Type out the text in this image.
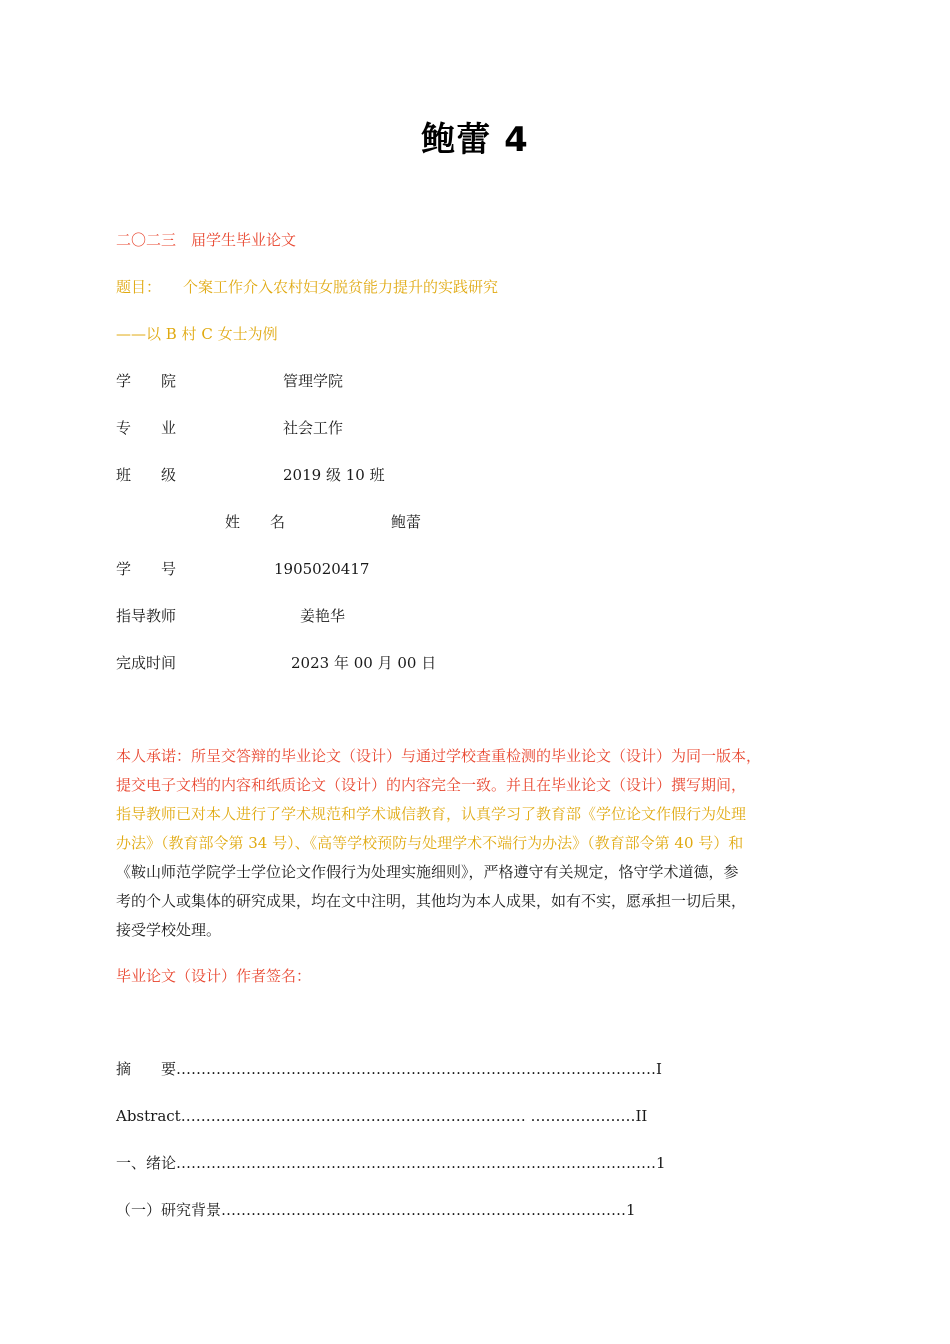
鲍蕾 4
二〇二三　届学生毕业论文
题目： 个案工作介入农村妇女脱贫能力提升的实践研究
——以 B 村 C 女士为例
学　　院	管理学院
专　　业	社会工作
班　　级	2019 级 10 班
姓　　名	鲍蕾
学　　号	1905020417
指导教师	姜艳华
完成时间	2023 年 00 月 00 日

本人承诺：所呈交答辩的毕业论文（设计）与通过学校查重检测的毕业论文（设计）为同一版本，

提交电子文档的内容和纸质论文（设计）的内容完全一致。并且在毕业论文（设计）撰写期间，

指导教师已对本人进行了学术规范和学术诚信教育，认真学习了教育部《学位论文作假行为处理

办法》（教育部令第 34 号）、《高等学校预防与处理学术不端行为办法》（教育部令第 40 号）和

《鞍山师范学院学士学位论文作假行为处理实施细则》，严格遵守有关规定，恪守学术道德，参

考的个人或集体的研究成果，均在文中注明，其他均为本人成果，如有不实，愿承担一切后果，

接受学校处理。

毕业论文（设计）作者签名：
摘　　要……………………………………………………………………………………I
Abstract…………………………………………………………… …………………II
一、绪论……………………………………………………………………………………1
（一）研究背景………………………………………………………………………1
